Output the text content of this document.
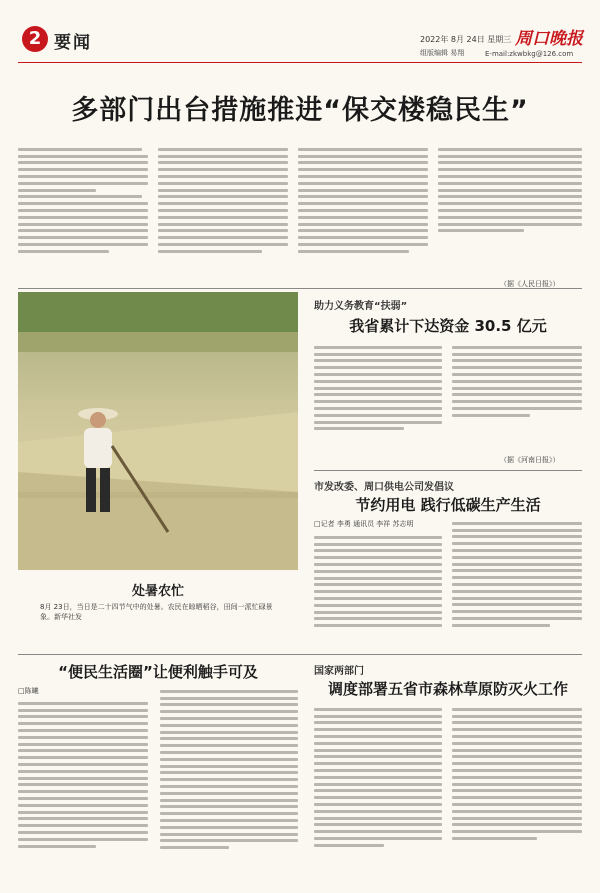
2 要闻	2022年 8月 24日 星期三 周口晚报
组版编辑 易翔	E-mail:zkwbkg@126.com
多部门出台措施推进“保交楼稳民生”
（据《人民日报》）
处暑农忙
8月 23日，当日是二十四节气中的处暑。农民在晾晒稻谷，田间一派忙碌景象。新华社发
助力义务教育“扶弱”
我省累计下达资金 30.5 亿元
（据《河南日报》）
市发改委、周口供电公司发倡议
节约用电 践行低碳生产生活
□记者 李勇 通讯员 李祥 苏志明
“便民生活圈”让便利触手可及
□陈曦
国家两部门
调度部署五省市森林草原防灭火工作
